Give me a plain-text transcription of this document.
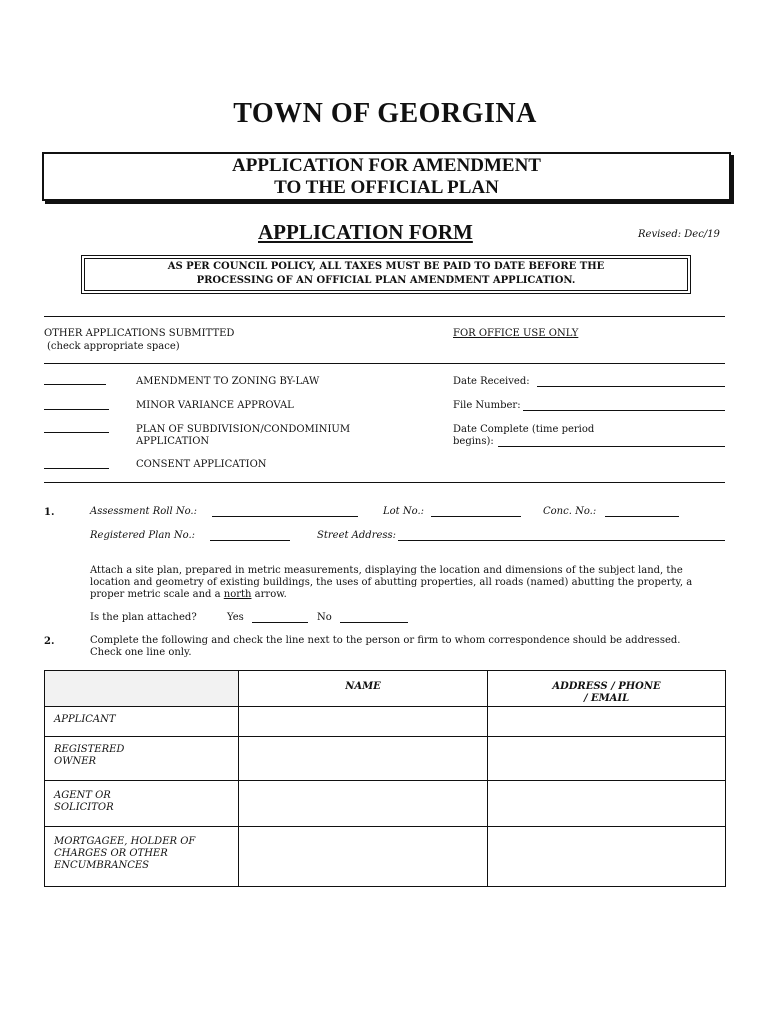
TOWN OF GEORGINA
APPLICATION FOR AMENDMENT
TO THE OFFICIAL PLAN
APPLICATION FORM	Revised: Dec/19
AS PER COUNCIL POLICY, ALL TAXES MUST BE PAID TO DATE BEFORE THE
PROCESSING OF AN OFFICIAL PLAN AMENDMENT APPLICATION.
OTHER APPLICATIONS SUBMITTED
(check appropriate space)
FOR OFFICE USE ONLY
AMENDMENT TO ZONING BY-LAW
MINOR VARIANCE APPROVAL
PLAN OF SUBDIVISION/CONDOMINIUM
APPLICATION
CONSENT APPLICATION
Date Received:
File Number:
Date Complete (time period
begins):
1.	Assessment Roll No.:	Lot No.:	Conc. No.:
Registered Plan No.:	Street Address:
Attach a site plan, prepared in metric measurements, displaying the location and dimensions of the subject land, the
location and geometry of existing buildings, the uses of abutting properties, all roads (named) abutting the property, a
proper metric scale and a north arrow.
Is the plan attached?	Yes	No
2.	Complete the following and check the line next to the person or firm to whom correspondence should be addressed.
Check one line only.
	NAME	ADDRESS / PHONE
/ EMAIL

APPLICANT		

REGISTERED
OWNER		

AGENT OR
SOLICITOR		

MORTGAGEE, HOLDER OF
CHARGES OR OTHER
ENCUMBRANCES		
